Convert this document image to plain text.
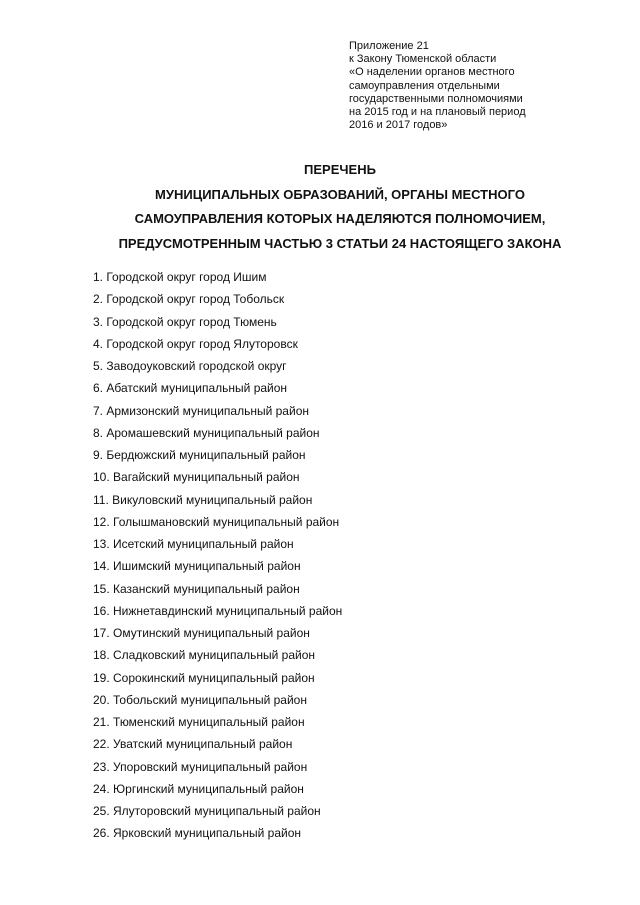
Приложение 21
к Закону Тюменской области
«О наделении органов местного
самоуправления отдельными
государственными полномочиями
на 2015 год и на плановый период
2016 и 2017 годов»
ПЕРЕЧЕНЬ
МУНИЦИПАЛЬНЫХ ОБРАЗОВАНИЙ, ОРГАНЫ МЕСТНОГО
САМОУПРАВЛЕНИЯ КОТОРЫХ НАДЕЛЯЮТСЯ ПОЛНОМОЧИЕМ,
ПРЕДУСМОТРЕННЫМ ЧАСТЬЮ 3 СТАТЬИ 24 НАСТОЯЩЕГО ЗАКОНА
1. Городской округ город Ишим
2. Городской округ город Тобольск
3. Городской округ город Тюмень
4. Городской округ город Ялуторовск
5. Заводоуковский городской округ
6. Абатский муниципальный район
7. Армизонский муниципальный район
8. Аромашевский муниципальный район
9. Бердюжский муниципальный район
10. Вагайский муниципальный район
11. Викуловский муниципальный район
12. Голышмановский муниципальный район
13. Исетский муниципальный район
14. Ишимский муниципальный район
15. Казанский муниципальный район
16. Нижнетавдинский муниципальный район
17. Омутинский муниципальный район
18. Сладковский муниципальный район
19. Сорокинский муниципальный район
20. Тобольский муниципальный район
21. Тюменский муниципальный район
22. Уватский муниципальный район
23. Упоровский муниципальный район
24. Юргинский муниципальный район
25. Ялуторовский муниципальный район
26. Ярковский муниципальный район
